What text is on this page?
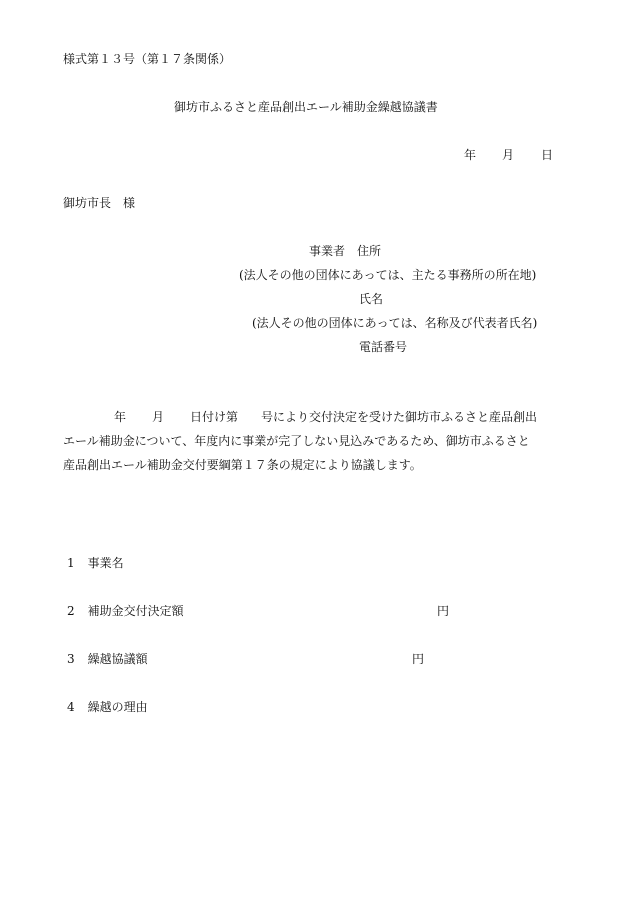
様式第１３号（第１７条関係）
御坊市ふるさと産品創出エール補助金繰越協議書
年 月 日
御坊市長　様
事業者　住所
(法人その他の団体にあっては、主たる事務所の所在地)
氏名
(法人その他の団体にあっては、名称及び代表者氏名)
電話番号
年 月 日付け第 号により交付決定を受けた御坊市ふるさと産品創出
エール補助金について、年度内に事業が完了しない見込みであるため、御坊市ふるさと
産品創出エール補助金交付要綱第１７条の規定により協議します。
1 事業名
2 補助金交付決定額	円
3 繰越協議額	円
4 繰越の理由
